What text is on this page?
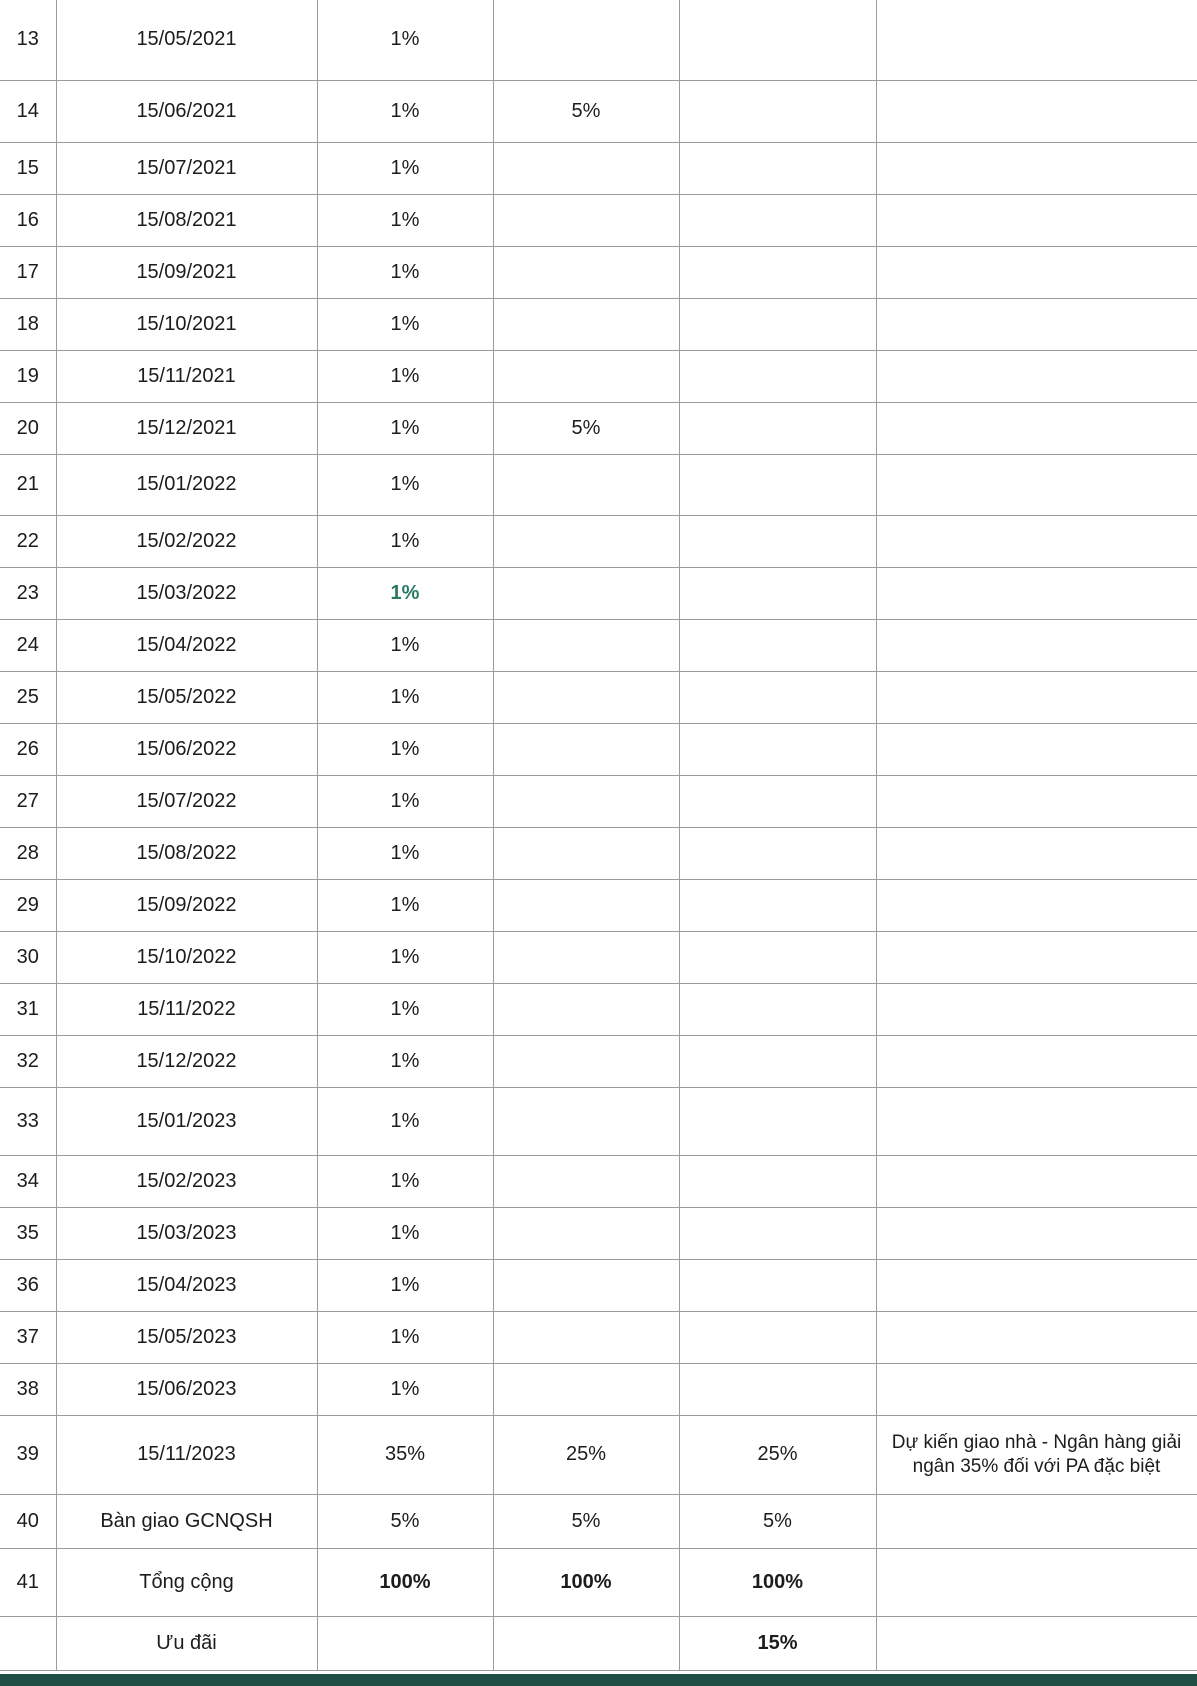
13	15/05/2021	1%			
14	15/06/2021	1%	5%		
15	15/07/2021	1%			
16	15/08/2021	1%			
17	15/09/2021	1%			
18	15/10/2021	1%			
19	15/11/2021	1%			
20	15/12/2021	1%	5%		
21	15/01/2022	1%			
22	15/02/2022	1%			
23	15/03/2022	1%			
24	15/04/2022	1%			
25	15/05/2022	1%			
26	15/06/2022	1%			
27	15/07/2022	1%			
28	15/08/2022	1%			
29	15/09/2022	1%			
30	15/10/2022	1%			
31	15/11/2022	1%			
32	15/12/2022	1%			
33	15/01/2023	1%			
34	15/02/2023	1%			
35	15/03/2023	1%			
36	15/04/2023	1%			
37	15/05/2023	1%			
38	15/06/2023	1%			
39	15/11/2023	35%	25%	25%	Dự kiến giao nhà - Ngân hàng giải ngân 35% đối với PA đặc biệt
40	Bàn giao GCNQSH	5%	5%	5%	
41	Tổng cộng	100%	100%	100%	
	Ưu đãi			15%	
